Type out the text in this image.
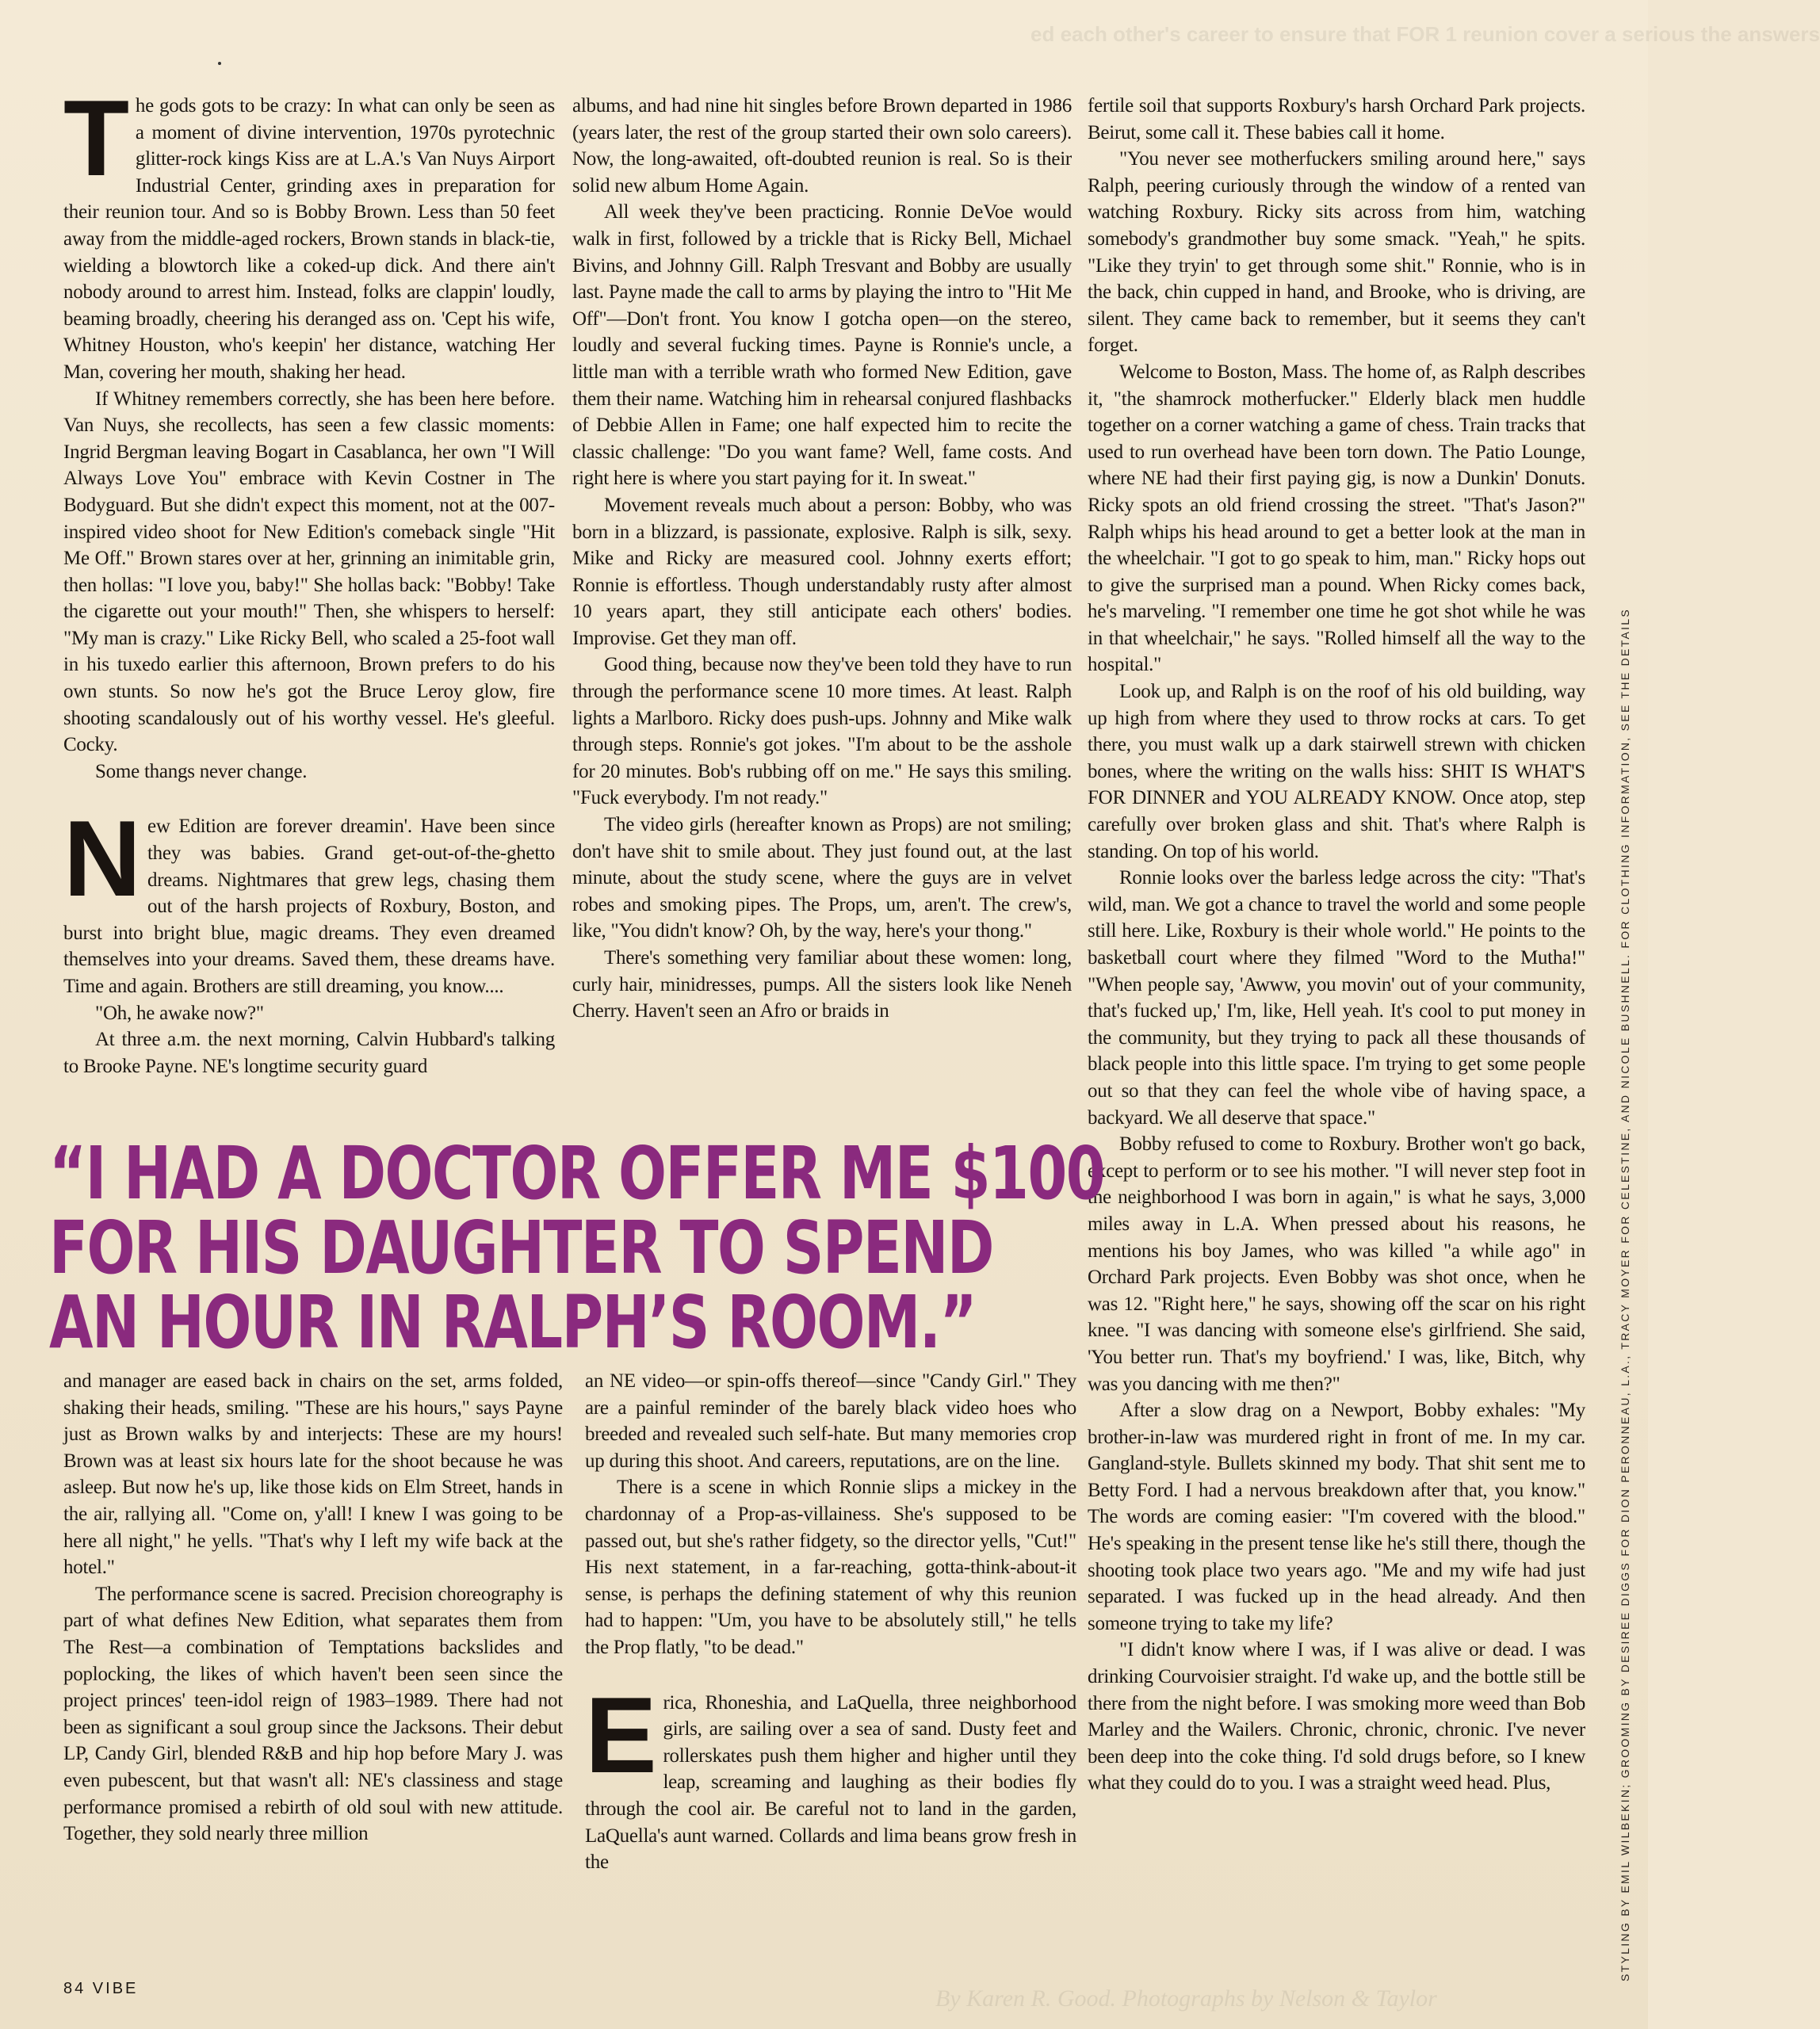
ed each other's career to ensure that FOR 1 reunion cover a serious the answers

The gods gots to be crazy: In what can only be seen as a moment of divine intervention, 1970s pyrotechnic glitter-rock kings Kiss are at L.A.'s Van Nuys Airport Industrial Center, grinding axes in preparation for their reunion tour. And so is Bobby Brown. Less than 50 feet away from the middle-aged rockers, Brown stands in black-tie, wielding a blowtorch like a coked-up dick. And there ain't nobody around to arrest him. Instead, folks are clappin' loudly, beaming broadly, cheering his deranged ass on. 'Cept his wife, Whitney Houston, who's keepin' her distance, watching Her Man, covering her mouth, shaking her head.

If Whitney remembers correctly, she has been here before. Van Nuys, she recollects, has seen a few classic moments: Ingrid Bergman leaving Bogart in Casablanca, her own "I Will Always Love You" embrace with Kevin Costner in The Bodyguard. But she didn't expect this moment, not at the 007-inspired video shoot for New Edition's comeback single "Hit Me Off." Brown stares over at her, grinning an inimitable grin, then hollas: "I love you, baby!" She hollas back: "Bobby! Take the cigarette out your mouth!" Then, she whispers to herself: "My man is crazy." Like Ricky Bell, who scaled a 25-foot wall in his tuxedo earlier this afternoon, Brown prefers to do his own stunts. So now he's got the Bruce Leroy glow, fire shooting scandalously out of his worthy vessel. He's gleeful. Cocky.

Some thangs never change.

New Edition are forever dreamin'. Have been since they was babies. Grand get-out-of-the-ghetto dreams. Nightmares that grew legs, chasing them out of the harsh projects of Roxbury, Boston, and burst into bright blue, magic dreams. They even dreamed themselves into your dreams. Saved them, these dreams have. Time and again. Brothers are still dreaming, you know....

"Oh, he awake now?"

At three a.m. the next morning, Calvin Hubbard's talking to Brooke Payne. NE's longtime security guard

albums, and had nine hit singles before Brown departed in 1986 (years later, the rest of the group started their own solo careers). Now, the long-awaited, oft-doubted reunion is real. So is their solid new album Home Again.

All week they've been practicing. Ronnie DeVoe would walk in first, followed by a trickle that is Ricky Bell, Michael Bivins, and Johnny Gill. Ralph Tresvant and Bobby are usually last. Payne made the call to arms by playing the intro to "Hit Me Off"—Don't front. You know I gotcha open—on the stereo, loudly and several fucking times. Payne is Ronnie's uncle, a little man with a terrible wrath who formed New Edition, gave them their name. Watching him in rehearsal conjured flashbacks of Debbie Allen in Fame; one half expected him to recite the classic challenge: "Do you want fame? Well, fame costs. And right here is where you start paying for it. In sweat."

Movement reveals much about a person: Bobby, who was born in a blizzard, is passionate, explosive. Ralph is silk, sexy. Mike and Ricky are measured cool. Johnny exerts effort; Ronnie is effortless. Though understandably rusty after almost 10 years apart, they still anticipate each others' bodies. Improvise. Get they man off.

Good thing, because now they've been told they have to run through the performance scene 10 more times. At least. Ralph lights a Marlboro. Ricky does push-ups. Johnny and Mike walk through steps. Ronnie's got jokes. "I'm about to be the asshole for 20 minutes. Bob's rubbing off on me." He says this smiling. "Fuck everybody. I'm not ready."

The video girls (hereafter known as Props) are not smiling; don't have shit to smile about. They just found out, at the last minute, about the study scene, where the guys are in velvet robes and smoking pipes. The Props, um, aren't. The crew's, like, "You didn't know? Oh, by the way, here's your thong."

There's something very familiar about these women: long, curly hair, minidresses, pumps. All the sisters look like Neneh Cherry. Haven't seen an Afro or braids in

fertile soil that supports Roxbury's harsh Orchard Park projects. Beirut, some call it. These babies call it home.

"You never see motherfuckers smiling around here," says Ralph, peering curiously through the window of a rented van watching Roxbury. Ricky sits across from him, watching somebody's grandmother buy some smack. "Yeah," he spits. "Like they tryin' to get through some shit." Ronnie, who is in the back, chin cupped in hand, and Brooke, who is driving, are silent. They came back to remember, but it seems they can't forget.

Welcome to Boston, Mass. The home of, as Ralph describes it, "the shamrock motherfucker." Elderly black men huddle together on a corner watching a game of chess. Train tracks that used to run overhead have been torn down. The Patio Lounge, where NE had their first paying gig, is now a Dunkin' Donuts. Ricky spots an old friend crossing the street. "That's Jason?" Ralph whips his head around to get a better look at the man in the wheelchair. "I got to go speak to him, man." Ricky hops out to give the surprised man a pound. When Ricky comes back, he's marveling. "I remember one time he got shot while he was in that wheelchair," he says. "Rolled himself all the way to the hospital."

Look up, and Ralph is on the roof of his old building, way up high from where they used to throw rocks at cars. To get there, you must walk up a dark stairwell strewn with chicken bones, where the writing on the walls hiss: SHIT IS WHAT'S FOR DINNER and YOU ALREADY KNOW. Once atop, step carefully over broken glass and shit. That's where Ralph is standing. On top of his world.

Ronnie looks over the barless ledge across the city: "That's wild, man. We got a chance to travel the world and some people still here. Like, Roxbury is their whole world." He points to the basketball court where they filmed "Word to the Mutha!" "When people say, 'Awww, you movin' out of your community, that's fucked up,' I'm, like, Hell yeah. It's cool to put money in the community, but they trying to pack all these thousands of black people into this little space. I'm trying to get some people out so that they can feel the whole vibe of having space, a backyard. We all deserve that space."

Bobby refused to come to Roxbury. Brother won't go back, except to perform or to see his mother. "I will never step foot in the neighborhood I was born in again," is what he says, 3,000 miles away in L.A. When pressed about his reasons, he mentions his boy James, who was killed "a while ago" in Orchard Park projects. Even Bobby was shot once, when he was 12. "Right here," he says, showing off the scar on his right knee. "I was dancing with someone else's girlfriend. She said, 'You better run. That's my boyfriend.' I was, like, Bitch, why was you dancing with me then?"

After a slow drag on a Newport, Bobby exhales: "My brother-in-law was murdered right in front of me. In my car. Gangland-style. Bullets skinned my body. That shit sent me to Betty Ford. I had a nervous breakdown after that, you know." The words are coming easier: "I'm covered with the blood." He's speaking in the present tense like he's still there, though the shooting took place two years ago. "Me and my wife had just separated. I was fucked up in the head already. And then someone trying to take my life?

"I didn't know where I was, if I was alive or dead. I was drinking Courvoisier straight. I'd wake up, and the bottle still be there from the night before. I was smoking more weed than Bob Marley and the Wailers. Chronic, chronic, chronic. I've never been deep into the coke thing. I'd sold drugs before, so I knew what they could do to you. I was a straight weed head. Plus,

“I HAD A DOCTOR OFFER ME $100
FOR HIS DAUGHTER TO SPEND
AN HOUR IN RALPH’S ROOM.”

and manager are eased back in chairs on the set, arms folded, shaking their heads, smiling. "These are his hours," says Payne just as Brown walks by and interjects: These are my hours! Brown was at least six hours late for the shoot because he was asleep. But now he's up, like those kids on Elm Street, hands in the air, rallying all. "Come on, y'all! I knew I was going to be here all night," he yells. "That's why I left my wife back at the hotel."

The performance scene is sacred. Precision choreography is part of what defines New Edition, what separates them from The Rest—a combination of Temptations backslides and poplocking, the likes of which haven't been seen since the project princes' teen-idol reign of 1983–1989. There had not been as significant a soul group since the Jacksons. Their debut LP, Candy Girl, blended R&B and hip hop before Mary J. was even pubescent, but that wasn't all: NE's classiness and stage performance promised a rebirth of old soul with new attitude. Together, they sold nearly three million

an NE video—or spin-offs thereof—since "Candy Girl." They are a painful reminder of the barely black video hoes who breeded and revealed such self-hate. But many memories crop up during this shoot. And careers, reputations, are on the line.

There is a scene in which Ronnie slips a mickey in the chardonnay of a Prop-as-villainess. She's supposed to be passed out, but she's rather fidgety, so the director yells, "Cut!" His next statement, in a far-reaching, gotta-think-about-it sense, is perhaps the defining statement of why this reunion had to happen: "Um, you have to be absolutely still," he tells the Prop flatly, "to be dead."

Erica, Rhoneshia, and LaQuella, three neighborhood girls, are sailing over a sea of sand. Dusty feet and rollerskates push them higher and higher until they leap, screaming and laughing as their bodies fly through the cool air. Be careful not to land in the garden, LaQuella's aunt warned. Collards and lima beans grow fresh in the

84 VIBE	By Karen R. Good. Photographs by Nelson & Taylor
STYLING BY EMIL WILBEKIN; GROOMING BY DESIREE DIGGS FOR DION PERONNEAU, L.A., TRACY MOYER FOR CELESTINE, AND NICOLE BUSHNELL. FOR CLOTHING INFORMATION, SEE THE DETAILS
